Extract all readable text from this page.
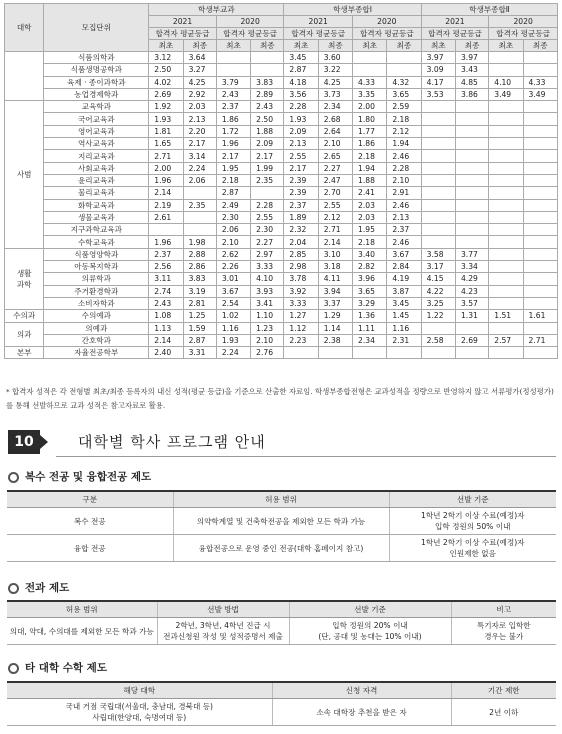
대학	모집단위	학생부교과				학생부종합Ⅰ				학생부종합Ⅱ			
		2021		2020		2021		2020		2021		2020	
		합격자 평균등급		합격자 평균등급		합격자 평균등급		합격자 평균등급		합격자 평균등급		합격자 평균등급	
		최초	최종	최초	최종	최초	최종	최초	최종	최초	최종	최초	최종
	식품의학과	3.12	3.64			3.45	3.60			3.97	3.97		
	식품생명공학과	2.50	3.27			2.87	3.22			3.09	3.43		
	육제 · 종이과학과	4.02	4.25	3.79	3.83	4.18	4.25	4.33	4.32	4.17	4.85	4.10	4.33
	농업경제학과	2.69	2.92	2.43	2.89	3.56	3.73	3.35	3.65	3.53	3.86	3.49	3.49
사범	교육학과	1.92	2.03	2.37	2.43	2.28	2.34	2.00	2.59				
	국어교육과	1.93	2.13	1.86	2.50	1.93	2.68	1.80	2.18				
	영어교육과	1.81	2.20	1.72	1.88	2.09	2.64	1.77	2.12				
	역사교육과	1.65	2.17	1.96	2.09	2.13	2.10	1.86	1.94				
	지리교육과	2.71	3.14	2.17	2.17	2.55	2.65	2.18	2.46				
	사회교육과	2.00	2.24	1.95	1.99	2.17	2.27	1.94	2.28				
	윤리교육과	1.96	2.06	2.18	2.35	2.39	2.47	1.88	2.10				
	물리교육과	2.14		2.87		2.39	2.70	2.41	2.91				
	화학교육과	2.19	2.35	2.49	2.28	2.37	2.55	2.03	2.46				
	생물교육과	2.61		2.30	2.55	1.89	2.12	2.03	2.13				
	지구과학교육과			2.06	2.30	2.32	2.71	1.95	2.37				
	수학교육과	1.96	1.98	2.10	2.27	2.04	2.14	2.18	2.46				
생활
과학	식품영양학과	2.37	2.88	2.62	2.97	2.85	3.10	3.40	3.67	3.58	3.77		
	아동복지학과	2.56	2.86	2.26	3.33	2.98	3.18	2.82	2.84	3.17	3.34		
	의류학과	3.11	3.83	3.01	4.10	3.78	4.11	3.96	4.19	4.15	4.29		
	주거환경학과	2.74	3.19	3.67	3.93	3.92	3.94	3.65	3.87	4.22	4.23		
	소비자학과	2.43	2.81	2.54	3.41	3.33	3.37	3.29	3.45	3.25	3.57		
수의과	수의예과	1.08	1.25	1.02	1.10	1.27	1.29	1.36	1.45	1.22	1.31	1.51	1.61
의과	의예과	1.13	1.59	1.16	1.23	1.12	1.14	1.11	1.16				
	간호학과	2.14	2.87	1.93	2.10	2.23	2.38	2.34	2.31	2.58	2.69	2.57	2.71
본부	자율전공학부	2.40	3.31	2.24	2.76								
* 합격자 성적은 각 전형별 최초/최종 등록자의 내신 성적(평균 등급)을 기준으로 산출한 자료임. 학생부종합전형은 교과성적을 정량으로 반영하지 않고 서류평가(정성평가)를 통해 선발하므로 교과 성적은 참고자료로 활용.
10	대학별 학사 프로그램 안내
복수 전공 및 융합전공 제도
구분	허용 범위	선발 기준
복수 전공	의약학계열 및 건축학전공을 제외한 모든 학과 가능	1학년 2학기 이상 수료(예정)자
입학 정원의 50% 이내
융합 전공	융합전공으로 운영 중인 전공(대학 홈페이지 참고)	1학년 2학기 이상 수료(예정)자
인원제한 없음
전과 제도
허용 범위	선발 방법	선발 기준	비고
의대, 약대, 수의대를 제외한 모든 학과 가능	2학년, 3학년, 4학년 진급 시
전과신청원 작성 및 성적증명서 제출	입학 정원의 20% 이내
(단, 공대 및 농대는 10% 이내)	특기자로 입학한
경우는 불가
타 대학 수학 제도
해당 대학	신청 자격	기간 제한
국내 거점 국립대(서울대, 충남대, 경북대 등)
사립대(한양대, 숙명여대 등)	소속 대학장 추천을 받은 자	2년 이하
